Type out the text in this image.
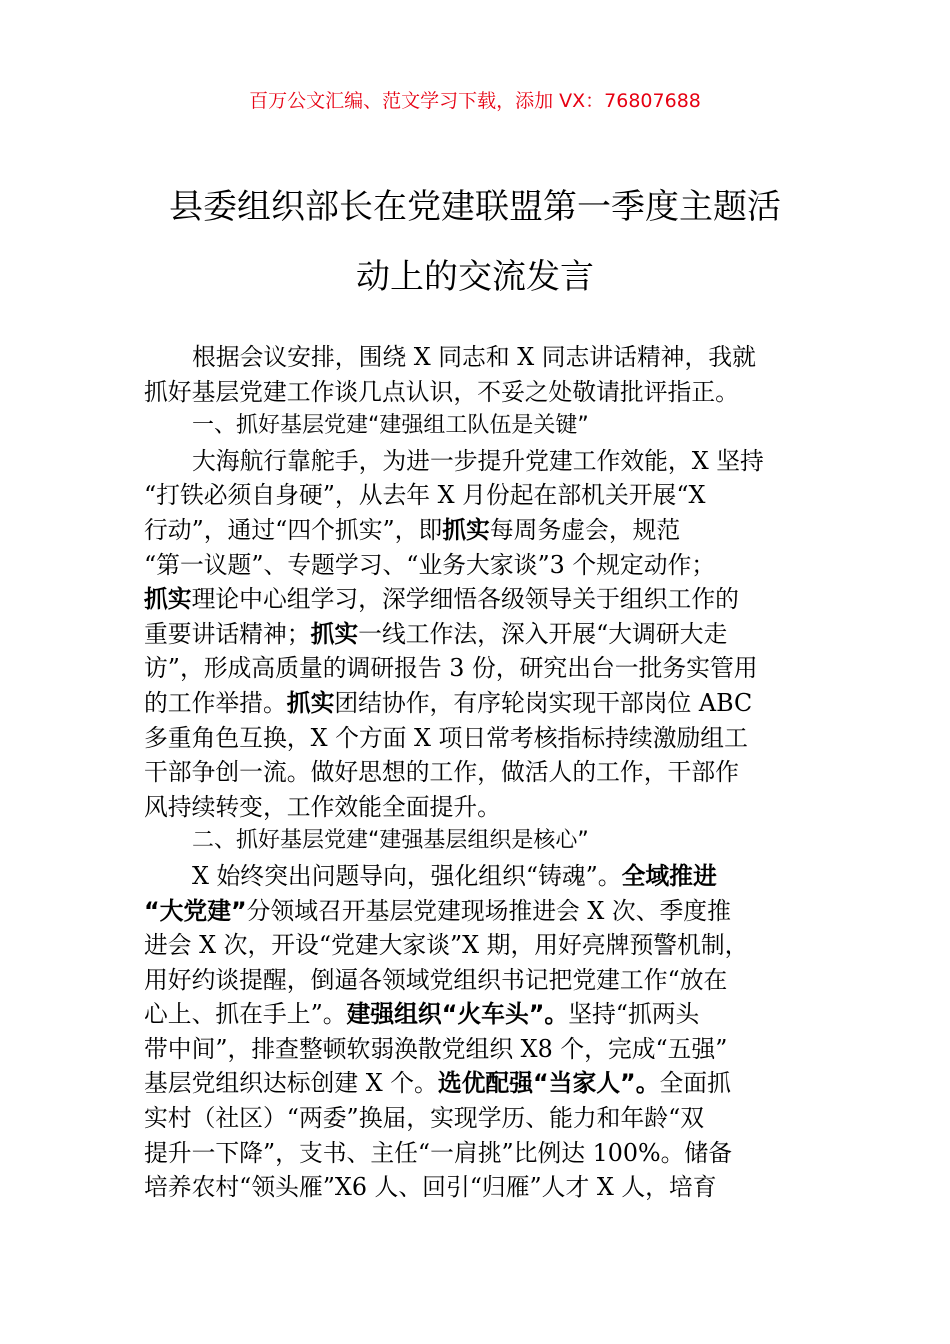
百万公文汇编、范文学习下载，添加 VX：76807688
县委组织部长在党建联盟第一季度主题活
动上的交流发言
根据会议安排，围绕 X 同志和 X 同志讲话精神，我就
抓好基层党建工作谈几点认识，不妥之处敬请批评指正。
一、抓好基层党建“建强组工队伍是关键”
大海航行靠舵手，为进一步提升党建工作效能，X 坚持
“打铁必须自身硬”，从去年 X 月份起在部机关开展“X
行动”，通过“四个抓实”，即抓实每周务虚会，规范
“第一议题”、专题学习、“业务大家谈”3 个规定动作；
抓实理论中心组学习，深学细悟各级领导关于组织工作的
重要讲话精神；抓实一线工作法，深入开展“大调研大走
访”，形成高质量的调研报告 3 份，研究出台一批务实管用
的工作举措。抓实团结协作，有序轮岗实现干部岗位 ABC
多重角色互换，X 个方面 X 项日常考核指标持续激励组工
干部争创一流。做好思想的工作，做活人的工作，干部作
风持续转变，工作效能全面提升。
二、抓好基层党建“建强基层组织是核心”
X 始终突出问题导向，强化组织“铸魂”。全域推进
“大党建”分领域召开基层党建现场推进会 X 次、季度推
进会 X 次，开设“党建大家谈”X 期，用好亮牌预警机制，
用好约谈提醒，倒逼各领域党组织书记把党建工作“放在
心上、抓在手上”。建强组织“火车头”。坚持“抓两头
带中间”，排查整顿软弱涣散党组织 X8 个，完成“五强”
基层党组织达标创建 X 个。选优配强“当家人”。全面抓
实村（社区）“两委”换届，实现学历、能力和年龄“双
提升一下降”，支书、主任“一肩挑”比例达 100%。储备
培养农村“领头雁”X6 人、回引“归雁”人才 X 人，培育
